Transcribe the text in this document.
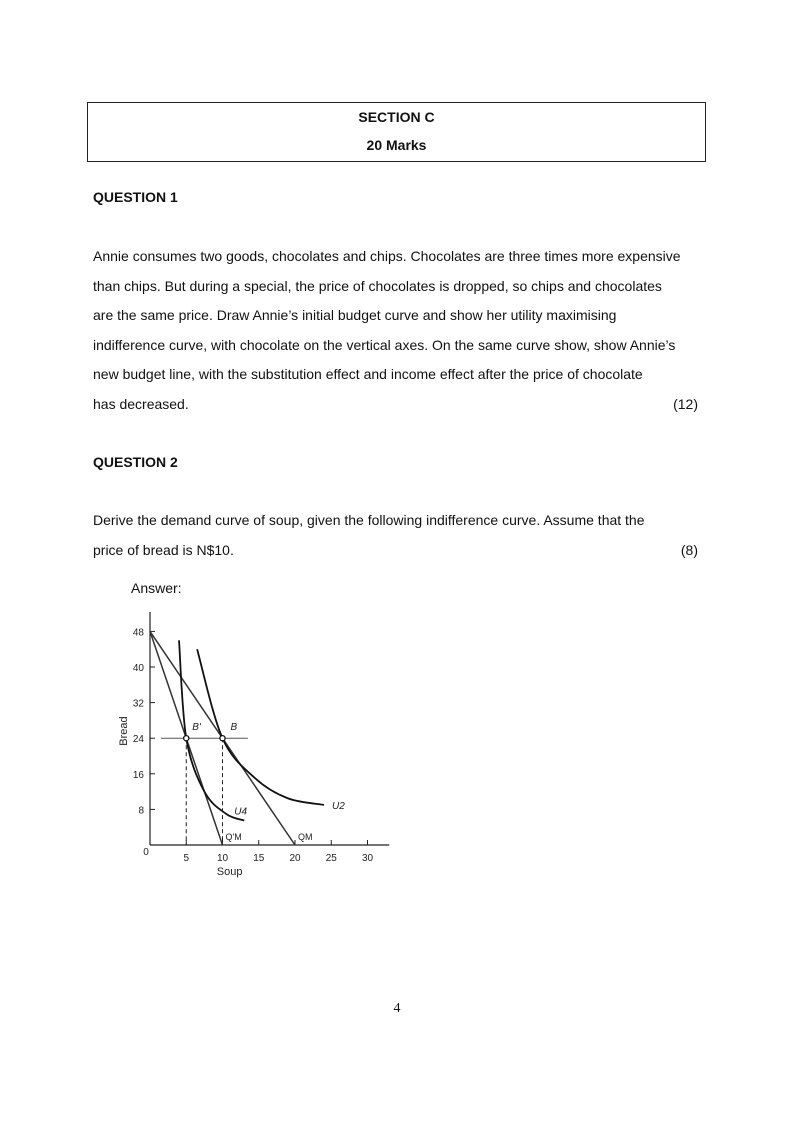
SECTION C
20 Marks
QUESTION 1
Annie consumes two goods, chocolates and chips. Chocolates are three times more expensive
than chips. But during a special, the price of chocolates is dropped, so chips and chocolates
are the same price. Draw Annie’s initial budget curve and show her utility maximising
indifference curve, with chocolate on the vertical axes. On the same curve show, show Annie’s
new budget line, with the substitution effect and income effect after the price of chocolate
has decreased.	(12)
QUESTION 2
Derive the demand curve of soup, given the following indifference curve. Assume that the
price of bread is N$10.	(8)
Answer:
8
16
24
32
40
48
0
5	10	15	20	25	30
Soup
Bread
U4
U2
B'	B
Q'M	QM
4
